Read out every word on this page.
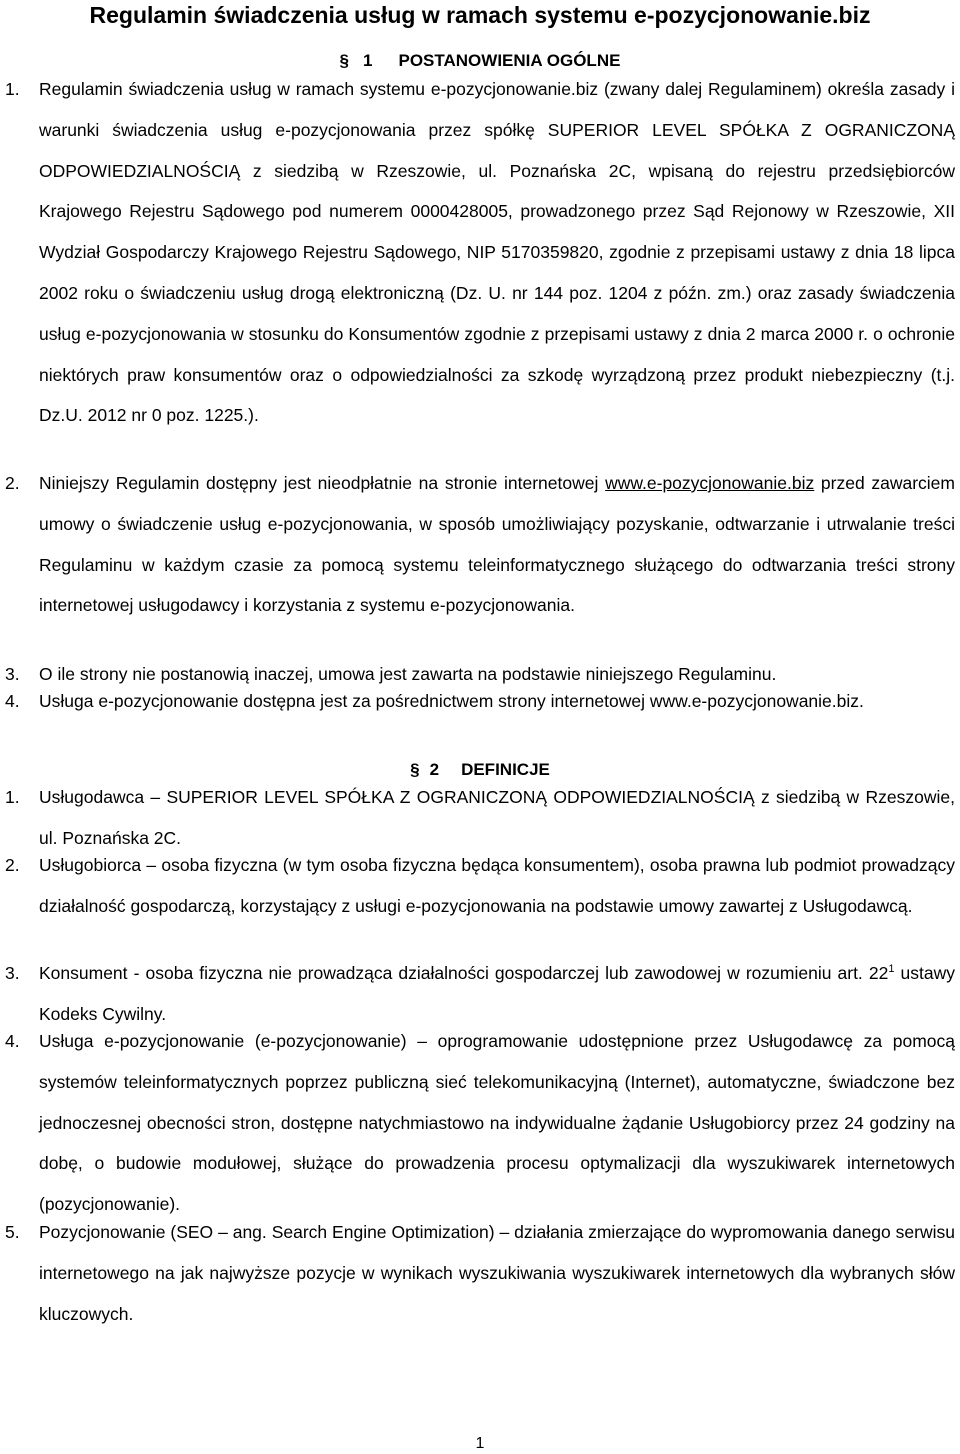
Regulamin świadczenia usług w ramach systemu e-pozycjonowanie.biz
§ 1 POSTANOWIENIA OGÓLNE
1. Regulamin świadczenia usług w ramach systemu e-pozycjonowanie.biz (zwany dalej Regulaminem) określa zasady i warunki świadczenia usług e-pozycjonowania przez spółkę SUPERIOR LEVEL SPÓŁKA Z OGRANICZONĄ ODPOWIEDZIALNOŚCIĄ z siedzibą w Rzeszowie, ul. Poznańska 2C, wpisaną do rejestru przedsiębiorców Krajowego Rejestru Sądowego pod numerem 0000428005, prowadzonego przez Sąd Rejonowy w Rzeszowie, XII Wydział Gospodarczy Krajowego Rejestru Sądowego, NIP 5170359820, zgodnie z przepisami ustawy z dnia 18 lipca 2002 roku o świadczeniu usług drogą elektroniczną (Dz. U. nr 144 poz. 1204 z późn. zm.) oraz zasady świadczenia usług e-pozycjonowania w stosunku do Konsumentów zgodnie z przepisami ustawy z dnia 2 marca 2000 r. o ochronie niektórych praw konsumentów oraz o odpowiedzialności za szkodę wyrządzoną przez produkt niebezpieczny (t.j. Dz.U. 2012 nr 0 poz. 1225.).
2. Niniejszy Regulamin dostępny jest nieodpłatnie na stronie internetowej www.e-pozycjonowanie.biz przed zawarciem umowy o świadczenie usług e-pozycjonowania, w sposób umożliwiający pozyskanie, odtwarzanie i utrwalanie treści Regulaminu w każdym czasie za pomocą systemu teleinformatycznego służącego do odtwarzania treści strony internetowej usługodawcy i korzystania z systemu e-pozycjonowania.
3. O ile strony nie postanowią inaczej, umowa jest zawarta na podstawie niniejszego Regulaminu.
4. Usługa e-pozycjonowanie dostępna jest za pośrednictwem strony internetowej www.e-pozycjonowanie.biz.
§ 2 DEFINICJE
1. Usługodawca – SUPERIOR LEVEL SPÓŁKA Z OGRANICZONĄ ODPOWIEDZIALNOŚCIĄ z siedzibą w Rzeszowie, ul. Poznańska 2C.
2. Usługobiorca – osoba fizyczna (w tym osoba fizyczna będąca konsumentem), osoba prawna lub podmiot prowadzący działalność gospodarczą, korzystający z usługi e-pozycjonowania na podstawie umowy zawartej z Usługodawcą.
3. Konsument - osoba fizyczna nie prowadząca działalności gospodarczej lub zawodowej w rozumieniu art. $22^1$ ustawy Kodeks Cywilny.
4. Usługa e-pozycjonowanie (e-pozycjonowanie) – oprogramowanie udostępnione przez Usługodawcę za pomocą systemów teleinformatycznych poprzez publiczną sieć telekomunikacyjną (Internet), automatyczne, świadczone bez jednoczesnej obecności stron, dostępne natychmiastowo na indywidualne żądanie Usługobiorcy przez 24 godziny na dobę, o budowie modułowej, służące do prowadzenia procesu optymalizacji dla wyszukiwarek internetowych (pozycjonowanie).
5. Pozycjonowanie (SEO – ang. Search Engine Optimization) – działania zmierzające do wypromowania danego serwisu internetowego na jak najwyższe pozycje w wynikach wyszukiwania wyszukiwarek internetowych dla wybranych słów kluczowych.
1
